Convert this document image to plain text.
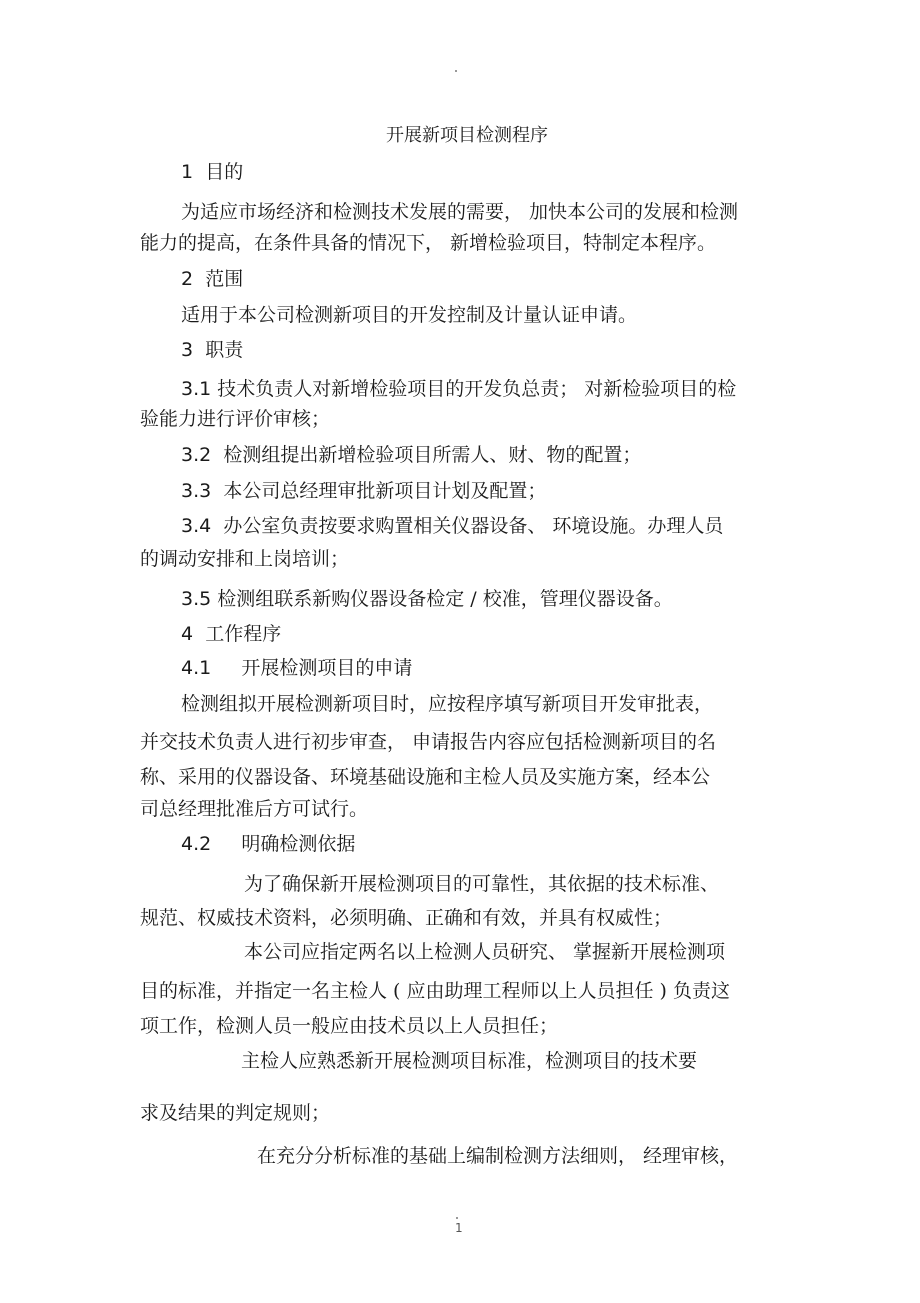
开展新项目检测程序
1 目的
为适应市场经济和检测技术发展的需要， 加快本公司的发展和检测
能力的提高，在条件具备的情况下， 新增检验项目，特制定本程序。
2 范围
适用于本公司检测新项目的开发控制及计量认证申请。
3 职责
3.1 技术负责人对新增检验项目的开发负总责； 对新检验项目的检
验能力进行评价审核；
3.2 检测组提出新增检验项目所需人、财、物的配置；
3.3 本公司总经理审批新项目计划及配置；
3.4 办公室负责按要求购置相关仪器设备、 环境设施。办理人员
的调动安排和上岗培训；
3.5 检测组联系新购仪器设备检定 / 校准，管理仪器设备。
4 工作程序
4.1 开展检测项目的申请
检测组拟开展检测新项目时，应按程序填写新项目开发审批表，
并交技术负责人进行初步审查， 申请报告内容应包括检测新项目的名
称、采用的仪器设备、环境基础设施和主检人员及实施方案，经本公
司总经理批准后方可试行。
4.2 明确检测依据
为了确保新开展检测项目的可靠性，其依据的技术标准、
规范、权威技术资料，必须明确、正确和有效，并具有权威性；
本公司应指定两名以上检测人员研究、 掌握新开展检测项
目的标准，并指定一名主检人 ( 应由助理工程师以上人员担任 ) 负责这
项工作，检测人员一般应由技术员以上人员担任；
主检人应熟悉新开展检测项目标准，检测项目的技术要
求及结果的判定规则；
在充分分析标准的基础上编制检测方法细则， 经理审核，
1
